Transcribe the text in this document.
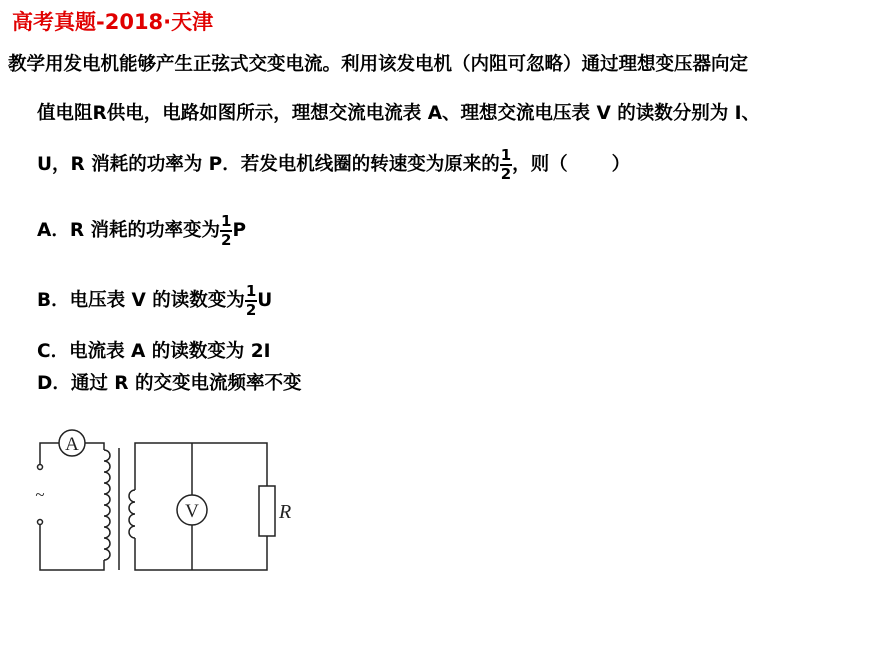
高考真题-2018·天津
教学用发电机能够产生正弦式交变电流。利用该发电机（内阻可忽略）通过理想变压器向定
值电阻R供电，电路如图所示，理想交流电流表 A、理想交流电压表 V 的读数分别为 I、
U，R 消耗的功率为 P．若发电机线圈的转速变为原来的 $\frac{1}{2}$ ，则（ ）
A．R 消耗的功率变为 $\frac{1}{2}$ P
B．电压表 V 的读数变为 $\frac{1}{2}$ U
C．电流表 A 的读数变为 2I
D．通过 R 的交变电流频率不变
A
V	R
~
